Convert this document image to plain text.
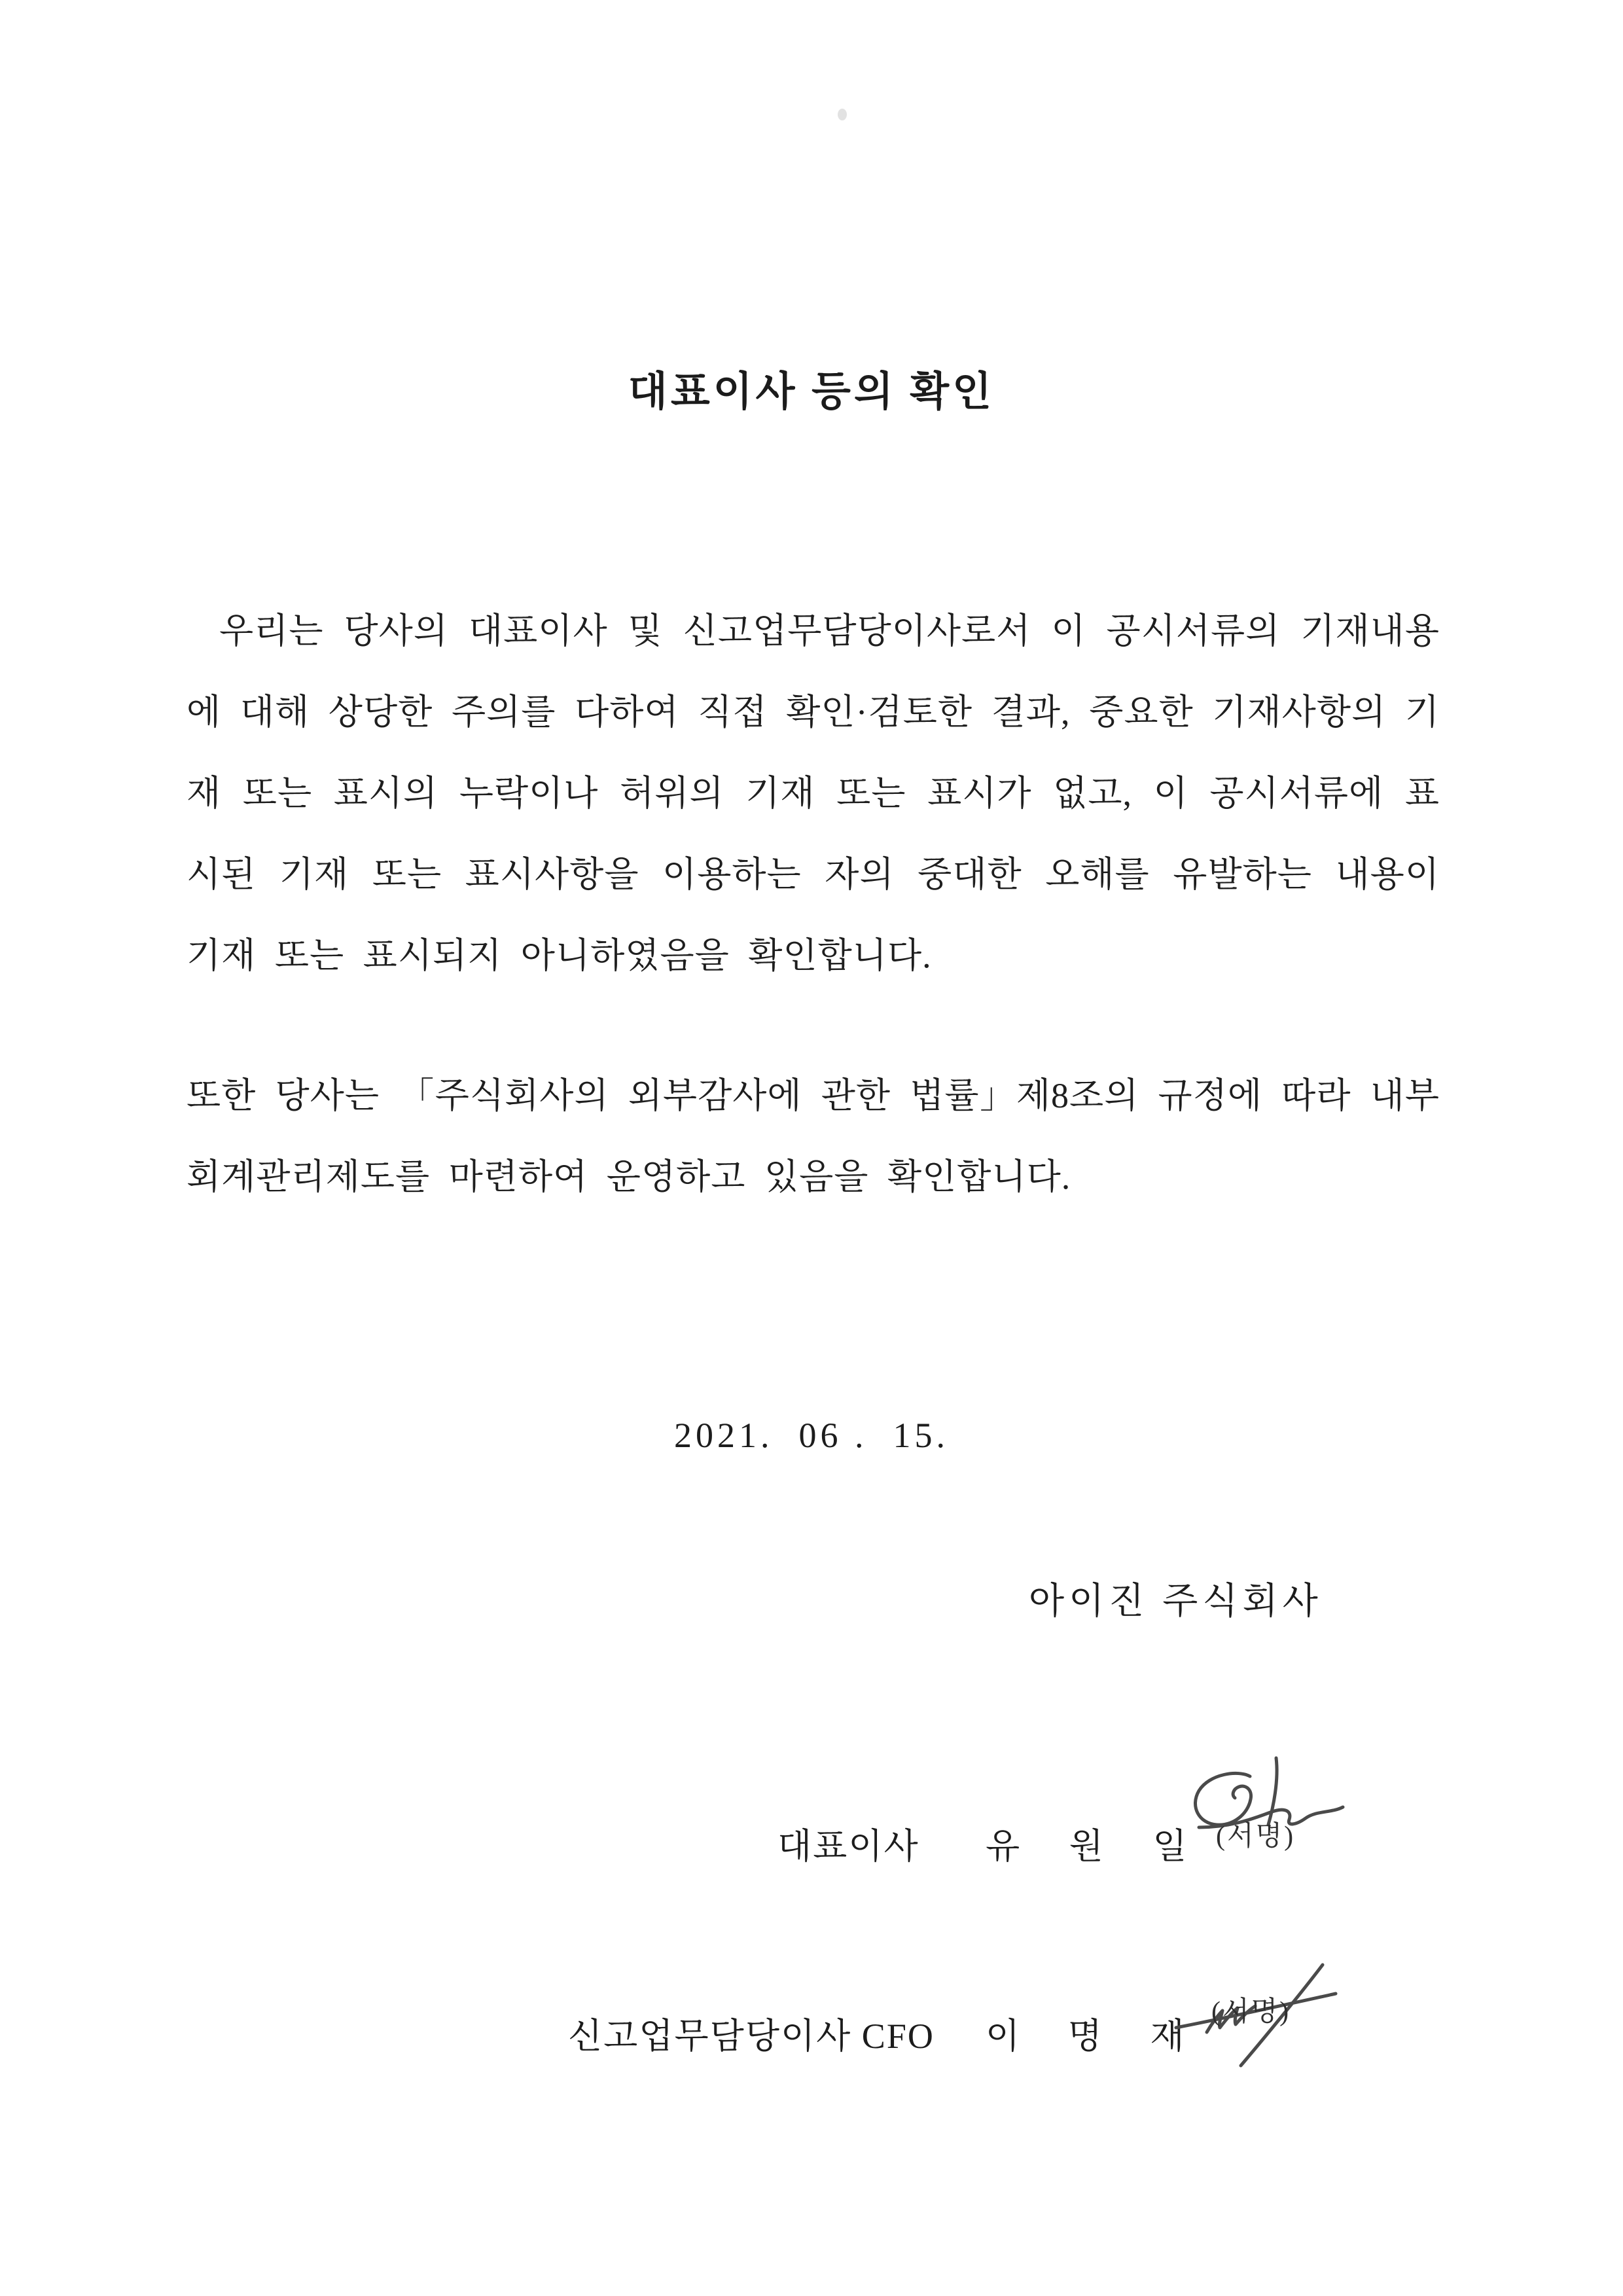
대표이사 등의 확인

우리는 당사의 대표이사 및 신고업무담당이사로서 이 공시서류의 기재내용에 대해 상당한 주의를 다하여 직접 확인·검토한 결과, 중요한 기재사항의 기재 또는 표시의 누락이나 허위의 기재 또는 표시가 없고, 이 공시서류에 표시된 기재 또는 표시사항을 이용하는 자의 중대한 오해를 유발하는 내용이 기재 또는 표시되지 아니하였음을 확인합니다.

또한 당사는 「주식회사의 외부감사에 관한 법률」제8조의 규정에 따라 내부회계관리제도를 마련하여 운영하고 있음을 확인합니다.

2021.  06 .  15.
아이진 주식회사
대표이사 유 원 일 (서명)
신고업무담당이사 CFO 이 명 재
(서명)
